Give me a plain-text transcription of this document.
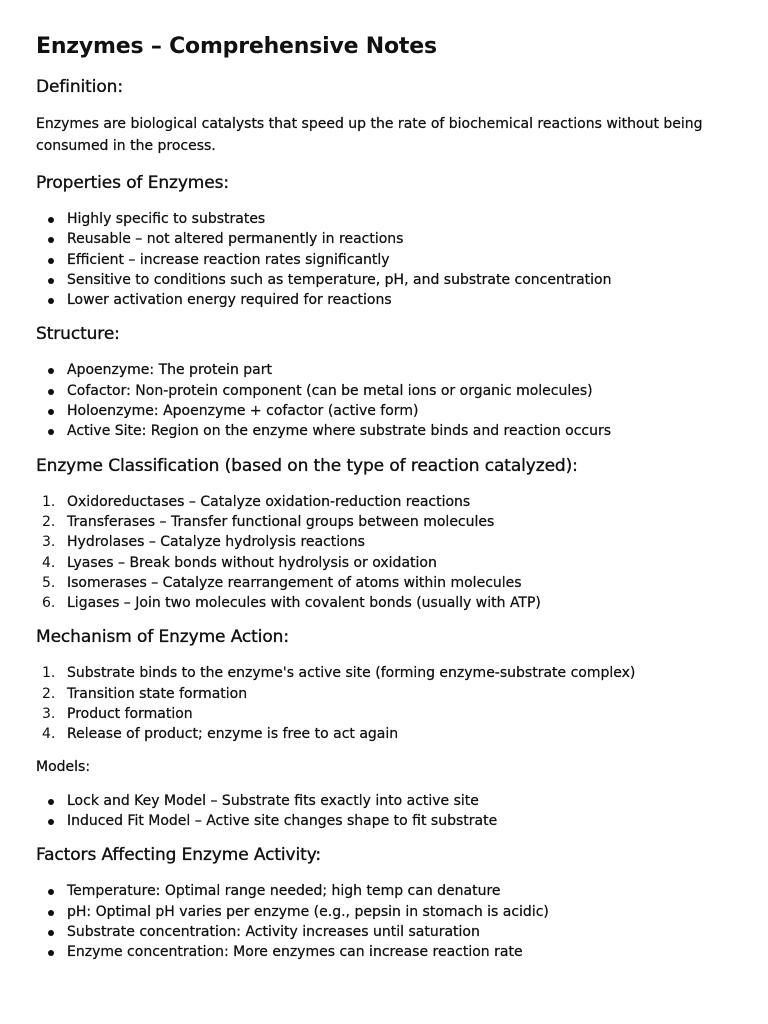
Enzymes – Comprehensive Notes
Definition:

Enzymes are biological catalysts that speed up the rate of biochemical reactions without being consumed in the process.

Properties of Enzymes:
Highly specific to substrates
Reusable – not altered permanently in reactions
Efficient – increase reaction rates significantly
Sensitive to conditions such as temperature, pH, and substrate concentration
Lower activation energy required for reactions
Structure:
Apoenzyme: The protein part
Cofactor: Non-protein component (can be metal ions or organic molecules)
Holoenzyme: Apoenzyme + cofactor (active form)
Active Site: Region on the enzyme where substrate binds and reaction occurs
Enzyme Classification (based on the type of reaction catalyzed):
1. Oxidoreductases – Catalyze oxidation-reduction reactions
2. Transferases – Transfer functional groups between molecules
3. Hydrolases – Catalyze hydrolysis reactions
4. Lyases – Break bonds without hydrolysis or oxidation
5. Isomerases – Catalyze rearrangement of atoms within molecules
6. Ligases – Join two molecules with covalent bonds (usually with ATP)
Mechanism of Enzyme Action:
1. Substrate binds to the enzyme's active site (forming enzyme-substrate complex)
2. Transition state formation
3. Product formation
4. Release of product; enzyme is free to act again

Models:

Lock and Key Model – Substrate fits exactly into active site
Induced Fit Model – Active site changes shape to fit substrate
Factors Affecting Enzyme Activity:
Temperature: Optimal range needed; high temp can denature
pH: Optimal pH varies per enzyme (e.g., pepsin in stomach is acidic)
Substrate concentration: Activity increases until saturation
Enzyme concentration: More enzymes can increase reaction rate
